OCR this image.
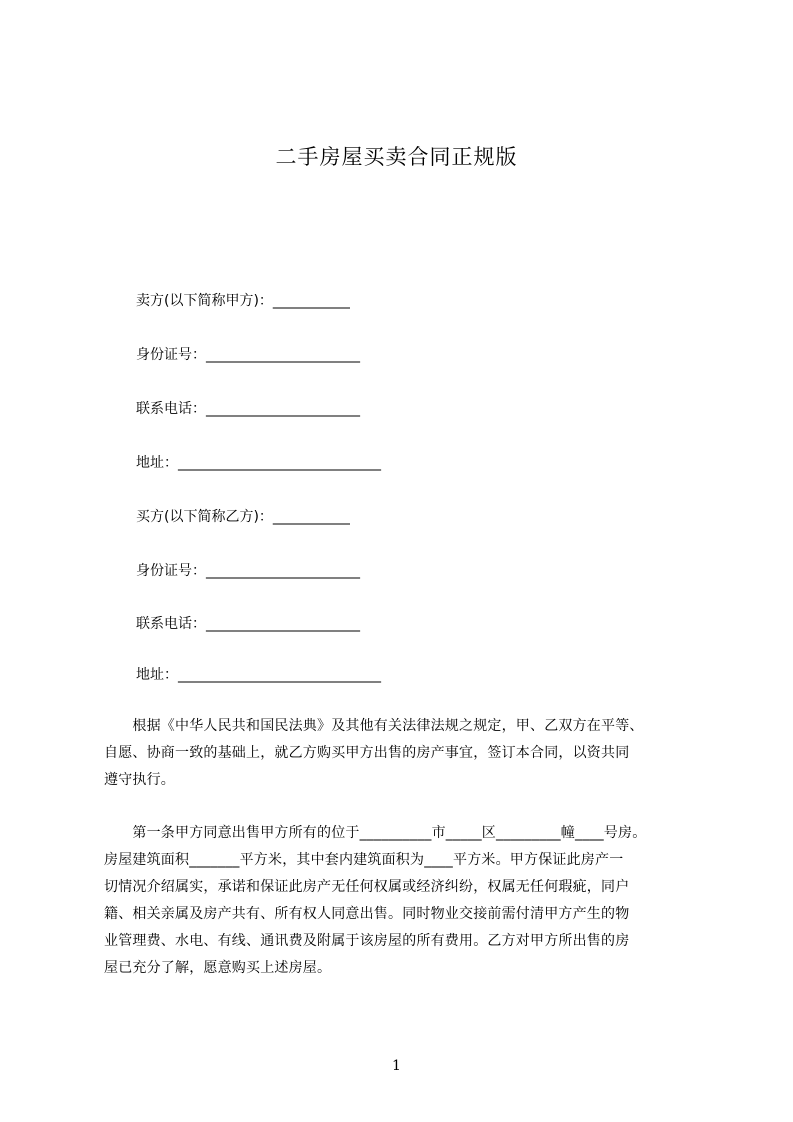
二手房屋买卖合同正规版
卖方(以下简称甲方)：___________
身份证号：______________________
联系电话：______________________
地址：_____________________________
买方(以下简称乙方)：___________
身份证号：______________________
联系电话：______________________
地址：_____________________________

　　根据《中华人民共和国民法典》及其他有关法律法规之规定，甲、乙双方在平等、

自愿、协商一致的基础上，就乙方购买甲方出售的房产事宜，签订本合同，以资共同

遵守执行。

　　第一条甲方同意出售甲方所有的位于__________市_____区_________幢____号房。

房屋建筑面积_______平方米，其中套内建筑面积为____平方米。甲方保证此房产一

切情况介绍属实，承诺和保证此房产无任何权属或经济纠纷，权属无任何瑕疵，同户

籍、相关亲属及房产共有、所有权人同意出售。同时物业交接前需付清甲方产生的物

业管理费、水电、有线、通讯费及附属于该房屋的所有费用。乙方对甲方所出售的房

屋已充分了解，愿意购买上述房屋。

1
